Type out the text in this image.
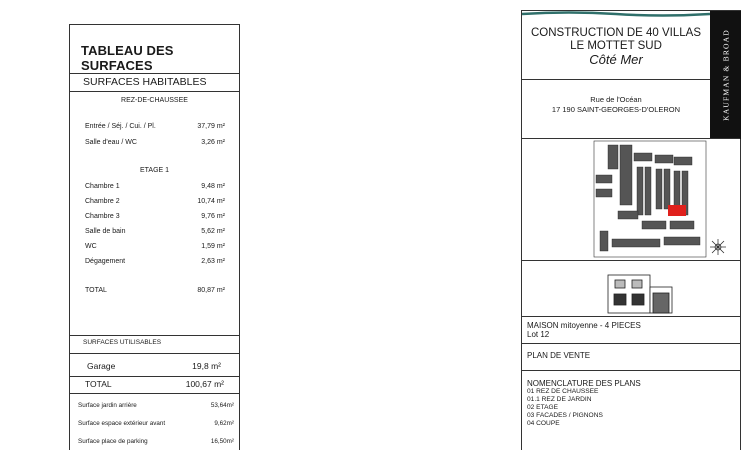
TABLEAU DES SURFACES
SURFACES HABITABLES
REZ-DE-CHAUSSEE
Entrée / Séj. / Cui. / Pl.	37,79 m²
Salle d'eau / WC	3,26 m²
ETAGE 1
Chambre 1	9,48 m²
Chambre 2	10,74 m²
Chambre 3	9,76 m²
Salle de bain	5,62 m²
WC	1,59 m²
Dégagement	2,63 m²
TOTAL	80,87 m²
SURFACES UTILISABLES
Garage	19,8 m²
TOTAL	100,67 m²
Surface jardin arrière	53,64m²
Surface espace extérieur avant	9,62m²
Surface place de parking	16,50m²
KAUFMAN & BROAD
CONSTRUCTION DE 40 VILLAS
LE MOTTET SUD
Côté Mer
Rue de l'Océan
17 190 SAINT-GEORGES-D'OLERON
MAISON mitoyenne - 4 PIECES
Lot 12
PLAN DE VENTE
NOMENCLATURE DES PLANS
01 REZ DE CHAUSSEE
01.1 REZ DE JARDIN
02 ETAGE
03 FACADES / PIGNONS
04 COUPE
